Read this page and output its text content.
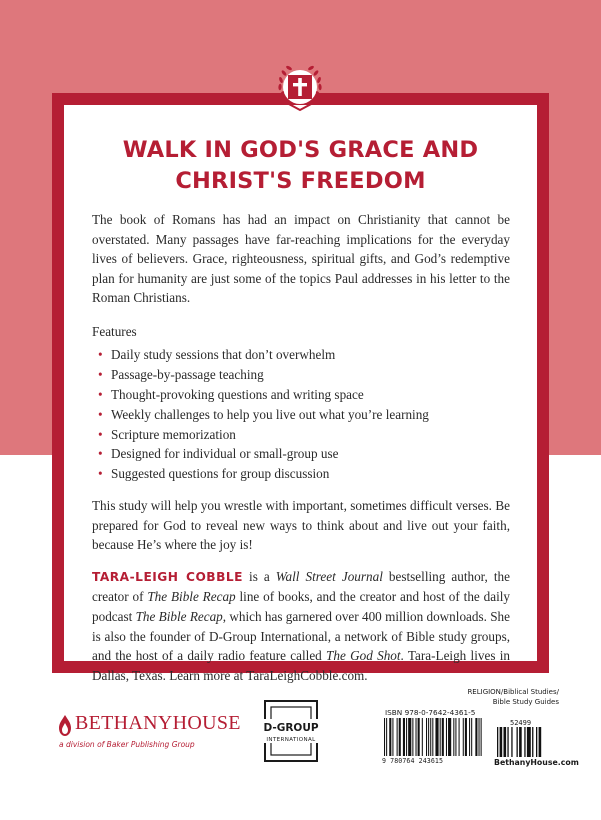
WALK IN GOD'S GRACE AND
CHRIST'S FREEDOM

The book of Romans has had an impact on Christianity that cannot be overstated. Many passages have far-reaching implications for the everyday lives of believers. Grace, righteousness, spiritual gifts, and God’s redemptive plan for humanity are just some of the topics Paul addresses in his letter to the Roman Christians.

Features

• Daily study sessions that don’t overwhelm
• Passage-by-passage teaching
• Thought-provoking questions and writing space
• Weekly challenges to help you live out what you’re learning
• Scripture memorization
• Designed for individual or small-group use
• Suggested questions for group discussion

This study will help you wrestle with important, sometimes difficult verses. Be prepared for God to reveal new ways to think about and live out your faith, because He’s where the joy is!

TARA-LEIGH COBBLE is a Wall Street Journal bestselling author, the creator of The Bible Recap line of books, and the creator and host of the daily podcast The Bible Recap, which has garnered over 400 million downloads. She is also the founder of D-Group International, a network of Bible study groups, and the host of a daily radio feature called The God Shot. Tara-Leigh lives in Dallas, Texas. Learn more at TaraLeighCobble.com.

BETHANYHOUSE
a division of Baker Publishing Group
D-GROUP
INTERNATIONAL
RELIGION/Biblical Studies/
Bible Study Guides
ISBN 978-0-7642-4361-5
9 780764 243615
52499
BethanyHouse.com
